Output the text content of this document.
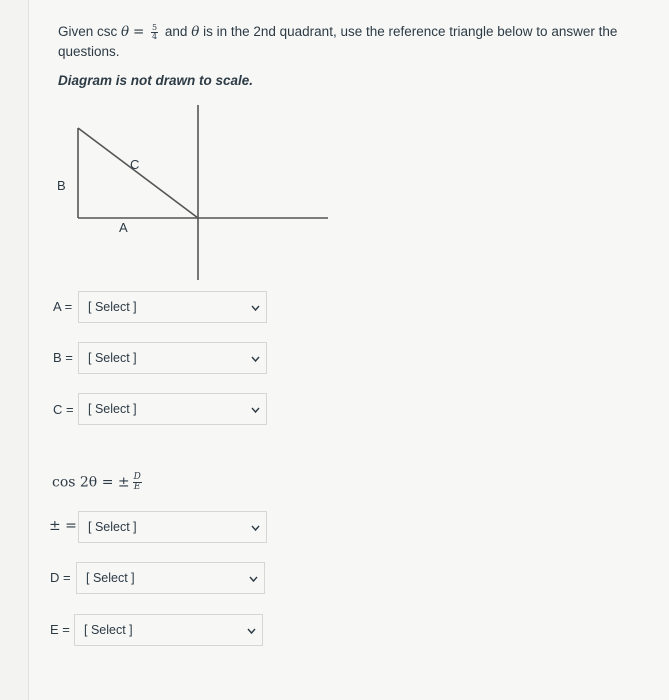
Given $\csc \theta = \frac{5}{4}$ and θ is in the 2nd quadrant, use the reference triangle below to answer the questions.
Diagram is not drawn to scale.
C
B
A
A = [ Select ]
B = [ Select ]
C = [ Select ]
cos 2θ = ± $\frac{D}{E}$
± = [ Select ]
D = [ Select ]
E = [ Select ]
